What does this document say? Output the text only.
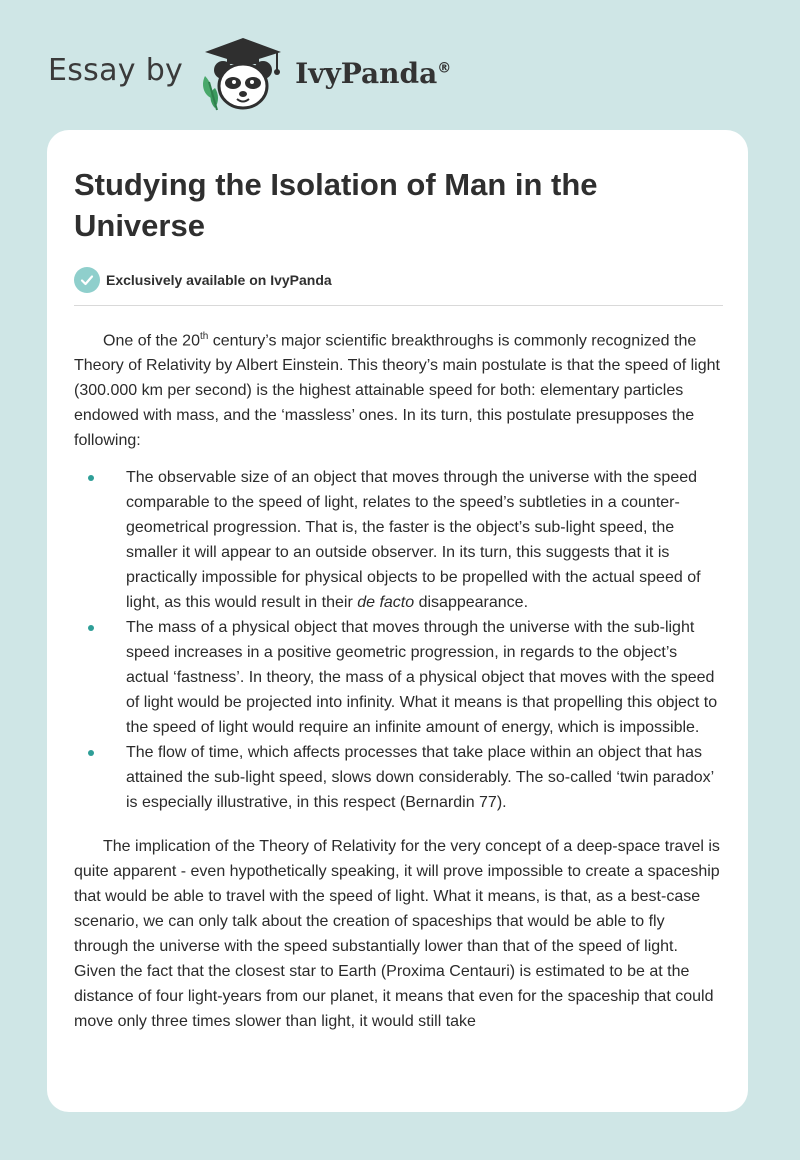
Essay by	IvyPanda®
Studying the Isolation of Man in the Universe
Exclusively available on IvyPanda

One of the 20th century’s major scientific breakthroughs is commonly recognized the Theory of Relativity by Albert Einstein. This theory’s main postulate is that the speed of light (300.000 km per second) is the highest attainable speed for both: elementary particles endowed with mass, and the ‘massless’ ones. In its turn, this postulate presupposes the following:

The observable size of an object that moves through the universe with the speed comparable to the speed of light, relates to the speed’s subtleties in a counter-geometrical progression. That is, the faster is the object’s sub-light speed, the smaller it will appear to an outside observer. In its turn, this suggests that it is practically impossible for physical objects to be propelled with the actual speed of light, as this would result in their de facto disappearance.
The mass of a physical object that moves through the universe with the sub-light speed increases in a positive geometric progression, in regards to the object’s actual ‘fastness’. In theory, the mass of a physical object that moves with the speed of light would be projected into infinity. What it means is that propelling this object to the speed of light would require an infinite amount of energy, which is impossible.
The flow of time, which affects processes that take place within an object that has attained the sub-light speed, slows down considerably. The so-called ‘twin paradox’ is especially illustrative, in this respect (Bernardin 77).

The implication of the Theory of Relativity for the very concept of a deep-space travel is quite apparent - even hypothetically speaking, it will prove impossible to create a spaceship that would be able to travel with the speed of light. What it means, is that, as a best-case scenario, we can only talk about the creation of spaceships that would be able to fly through the universe with the speed substantially lower than that of the speed of light. Given the fact that the closest star to Earth (Proxima Centauri) is estimated to be at the distance of four light-years from our planet, it means that even for the spaceship that could move only three times slower than light, it would still take
